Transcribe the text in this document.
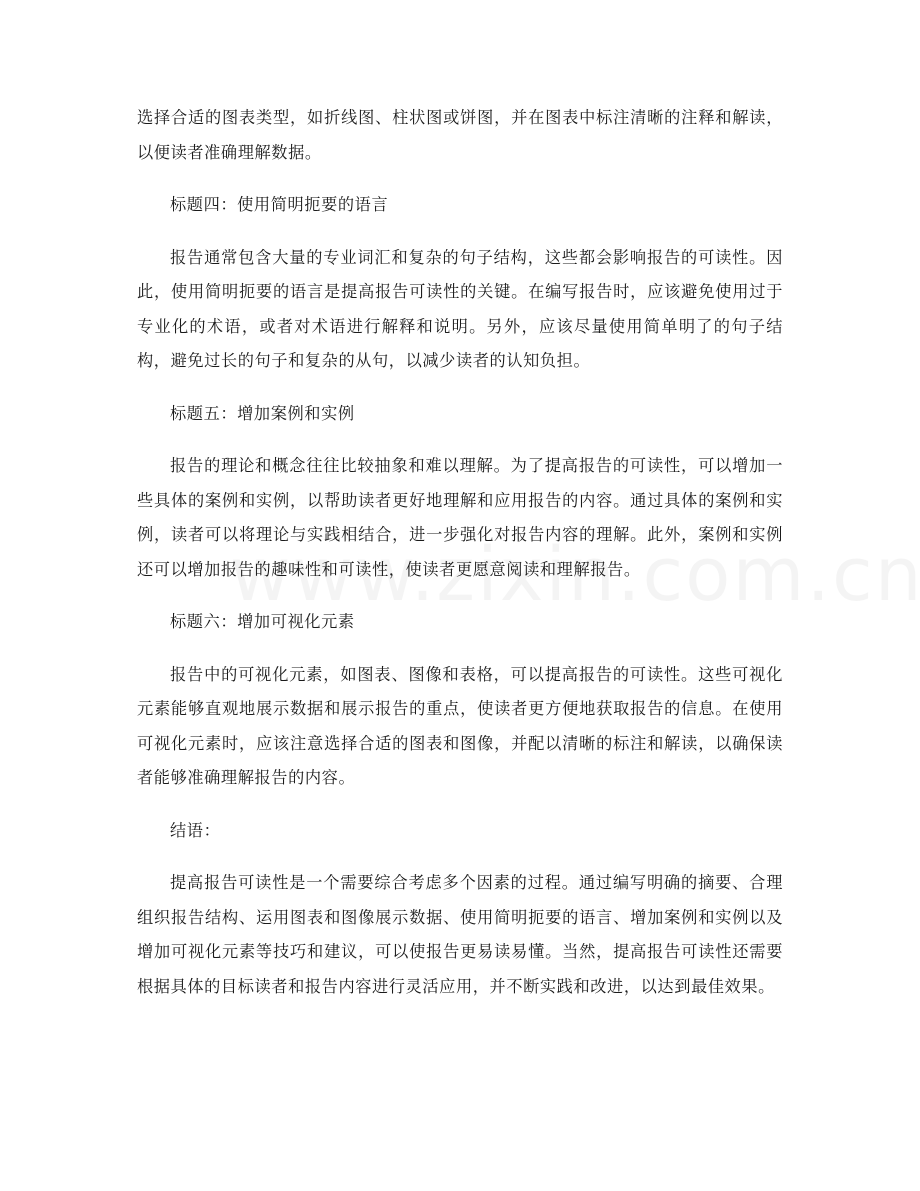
选择合适的图表类型，如折线图、柱状图或饼图，并在图表中标注清晰的注释和解读，以便读者准确理解数据。

标题四：使用简明扼要的语言

报告通常包含大量的专业词汇和复杂的句子结构，这些都会影响报告的可读性。因此，使用简明扼要的语言是提高报告可读性的关键。在编写报告时，应该避免使用过于专业化的术语，或者对术语进行解释和说明。另外，应该尽量使用简单明了的句子结构，避免过长的句子和复杂的从句，以减少读者的认知负担。

标题五：增加案例和实例

报告的理论和概念往往比较抽象和难以理解。为了提高报告的可读性，可以增加一些具体的案例和实例，以帮助读者更好地理解和应用报告的内容。通过具体的案例和实例，读者可以将理论与实践相结合，进一步强化对报告内容的理解。此外，案例和实例还可以增加报告的趣味性和可读性，使读者更愿意阅读和理解报告。

标题六：增加可视化元素

报告中的可视化元素，如图表、图像和表格，可以提高报告的可读性。这些可视化元素能够直观地展示数据和展示报告的重点，使读者更方便地获取报告的信息。在使用可视化元素时，应该注意选择合适的图表和图像，并配以清晰的标注和解读，以确保读者能够准确理解报告的内容。

结语：

提高报告可读性是一个需要综合考虑多个因素的过程。通过编写明确的摘要、合理组织报告结构、运用图表和图像展示数据、使用简明扼要的语言、增加案例和实例以及增加可视化元素等技巧和建议，可以使报告更易读易懂。当然，提高报告可读性还需要根据具体的目标读者和报告内容进行灵活应用，并不断实践和改进，以达到最佳效果。
